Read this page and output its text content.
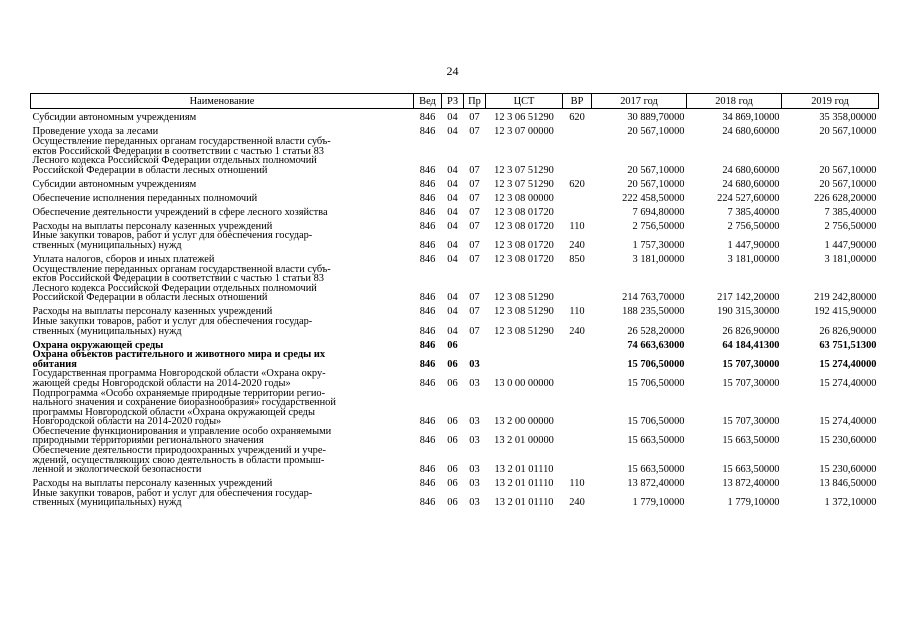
24
Наименование	Вед	РЗ	Пр	ЦСТ	ВР	2017 год	2018 год	2019 год
Субсидии автономным учреждениям	846	04	07	12 3 06 51290	620	30 889,70000	34 869,10000	35 358,00000
Проведение ухода за лесами	846	04	07	12 3 07 00000		20 567,10000	24 680,60000	20 567,10000
Осуществление переданных органам государственной власти субъ-
ектов Российской Федерации в соответствии с частью 1 статьи 83
Лесного кодекса Российской Федерации отдельных полномочий
Российской Федерации в области лесных отношений	846	04	07	12 3 07 51290		20 567,10000	24 680,60000	20 567,10000
Субсидии автономным учреждениям	846	04	07	12 3 07 51290	620	20 567,10000	24 680,60000	20 567,10000
Обеспечение исполнения переданных полномочий	846	04	07	12 3 08 00000		222 458,50000	224 527,60000	226 628,20000
Обеспечение деятельности учреждений в сфере лесного хозяйства	846	04	07	12 3 08 01720		7 694,80000	7 385,40000	7 385,40000
Расходы на выплаты персоналу казенных учреждений	846	04	07	12 3 08 01720	110	2 756,50000	2 756,50000	2 756,50000
Иные закупки товаров, работ и услуг для обеспечения государ-
ственных (муниципальных) нужд	846	04	07	12 3 08 01720	240	1 757,30000	1 447,90000	1 447,90000
Уплата налогов, сборов и иных платежей	846	04	07	12 3 08 01720	850	3 181,00000	3 181,00000	3 181,00000
Осуществление переданных органам государственной власти субъ-
ектов Российской Федерации в соответствии с частью 1 статьи 83
Лесного кодекса Российской Федерации отдельных полномочий
Российской Федерации в области лесных отношений	846	04	07	12 3 08 51290		214 763,70000	217 142,20000	219 242,80000
Расходы на выплаты персоналу казенных учреждений	846	04	07	12 3 08 51290	110	188 235,50000	190 315,30000	192 415,90000
Иные закупки товаров, работ и услуг для обеспечения государ-
ственных (муниципальных) нужд	846	04	07	12 3 08 51290	240	26 528,20000	26 826,90000	26 826,90000
Охрана окружающей среды	846	06				74 663,63000	64 184,41300	63 751,51300
Охрана объектов растительного и животного мира и среды их
обитания	846	06	03			15 706,50000	15 707,30000	15 274,40000
Государственная программа Новгородской области «Охрана окру-
жающей среды Новгородской области на 2014-2020 годы»	846	06	03	13 0 00 00000		15 706,50000	15 707,30000	15 274,40000
Подпрограмма «Особо охраняемые природные территории регио-
нального значения и сохранение биоразнообразия» государственной
программы Новгородской области «Охрана окружающей среды
Новгородской области на 2014-2020 годы»	846	06	03	13 2 00 00000		15 706,50000	15 707,30000	15 274,40000
Обеспечение функционирования и управление особо охраняемыми
природными территориями регионального значения	846	06	03	13 2 01 00000		15 663,50000	15 663,50000	15 230,60000
Обеспечение деятельности природоохранных учреждений и учре-
ждений, осуществляющих свою деятельность в области промыш-
ленной и экологической безопасности	846	06	03	13 2 01 01110		15 663,50000	15 663,50000	15 230,60000
Расходы на выплаты персоналу казенных учреждений	846	06	03	13 2 01 01110	110	13 872,40000	13 872,40000	13 846,50000
Иные закупки товаров, работ и услуг для обеспечения государ-
ственных (муниципальных) нужд	846	06	03	13 2 01 01110	240	1 779,10000	1 779,10000	1 372,10000
